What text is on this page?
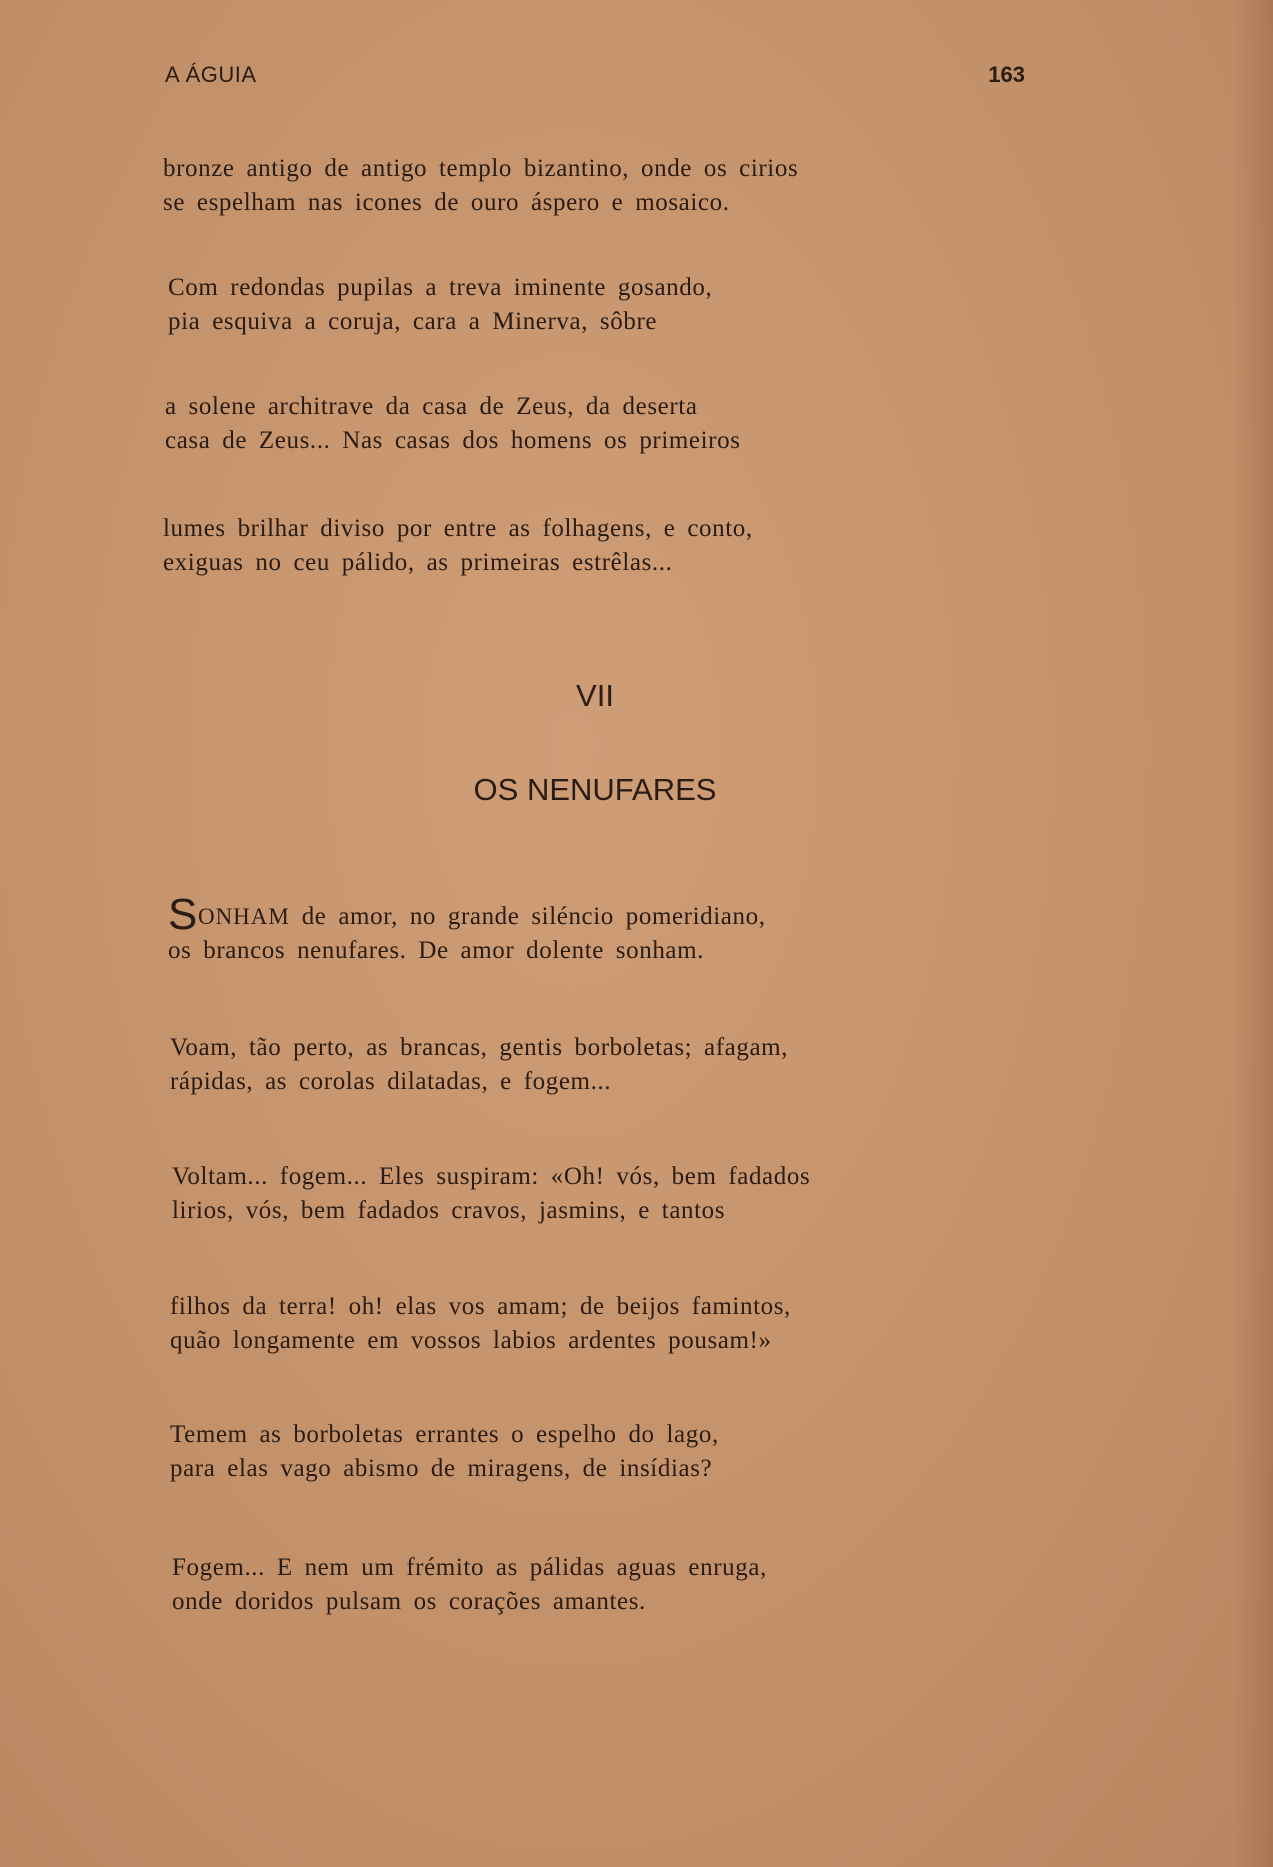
A ÁGUIA	163
bronze antigo de antigo templo bizantino, onde os cirios
se espelham nas icones de ouro áspero e mosaico.
Com redondas pupilas a treva iminente gosando,
pia esquiva a coruja, cara a Minerva, sôbre
a solene architrave da casa de Zeus, da deserta
casa de Zeus... Nas casas dos homens os primeiros
lumes brilhar diviso por entre as folhagens, e conto,
exiguas no ceu pálido, as primeiras estrêlas...
VII
OS NENUFARES
SONHAM de amor, no grande siléncio pomeridiano,
os brancos nenufares. De amor dolente sonham.
Voam, tão perto, as brancas, gentis borboletas; afagam,
rápidas, as corolas dilatadas, e fogem...
Voltam... fogem... Eles suspiram: «Oh! vós, bem fadados
lirios, vós, bem fadados cravos, jasmins, e tantos
filhos da terra! oh! elas vos amam; de beijos famintos,
quão longamente em vossos labios ardentes pousam!»
Temem as borboletas errantes o espelho do lago,
para elas vago abismo de miragens, de insídias?
Fogem... E nem um frémito as pálidas aguas enruga,
onde doridos pulsam os corações amantes.
